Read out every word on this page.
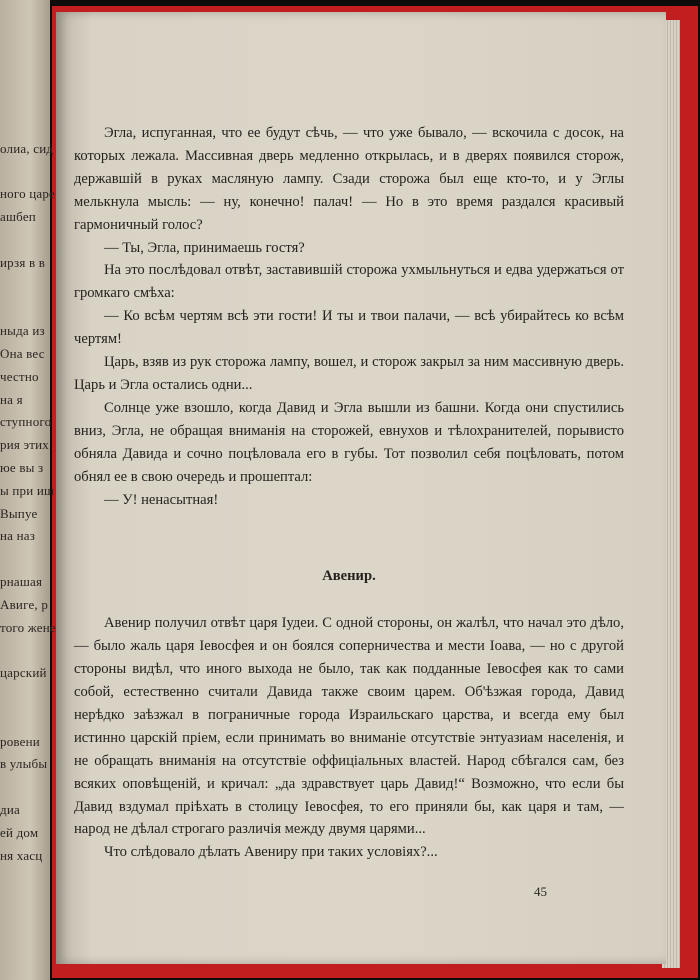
олиа, сид
ного царе
ашбеп
ирзя в в
ныда из
Она вес
честно
на я
ступного
рия этих
юе вы з
ы при иш
Выпуе
на наз
рнашая
Авиге, р
того жене
царский
ровени
в улыбы
диа
ей дом
ня хасц

Эгла, испуганная, что ее будут сѣчь, — что уже бывало, — вскочила с досок, на которых лежала. Массивная дверь медленно открылась, и в дверях появился сторож, державшій в руках масляную лампу. Сзади сторожа был еще кто-то, и у Эглы мелькнула мысль: — ну, конечно! палач! — Но в это время раздался красивый гармоничный голос?

— Ты, Эгла, принимаешь гостя?

На это послѣдовал отвѣт, заставившій сторожа ухмыльнуться и едва удержаться от громкаго смѣха:

— Ко всѣм чертям всѣ эти гости! И ты и твои палачи, — всѣ убирайтесь ко всѣм чертям!

Царь, взяв из рук сторожа лампу, вошел, и сторож закрыл за ним массивную дверь. Царь и Эгла остались одни...

Солнце уже взошло, когда Давид и Эгла вышли из башни. Когда они спустились вниз, Эгла, не обращая вниманія на сторожей, евнухов и тѣлохранителей, порывисто обняла Давида и сочно поцѣловала его в губы. Тот позволил себя поцѣловать, потом обнял ее в свою очередь и прошептал:

— У! ненасытная!

Авенир.

Авенир получил отвѣт царя Іудеи. С одной стороны, он жалѣл, что начал это дѣло, — было жаль царя Іевосфея и он боялся соперничества и мести Іоава, — но с другой стороны видѣл, что иного выхода не было, так как подданные Іевосфея как то сами собой, естественно считали Давида также своим царем. Об'ѣзжая города, Давид нерѣдко заѣзжал в пограничные города Израильскаго царства, и всегда ему был истинно царскій пріем, если принимать во вниманіе отсутствіе энтуазиам населенія, и не обращать вниманія на отсутствіе оффиціальных властей. Народ сбѣгался сам, без всяких оповѣщеній, и кричал: „да здравствует царь Давид!“ Возможно, что если бы Давид вздумал пріѣхать в столицу Іевосфея, то его приняли бы, как царя и там, — народ не дѣлал строгаго различія между двумя царями...

Что слѣдовало дѣлать Авениру при таких условіях?...

45
